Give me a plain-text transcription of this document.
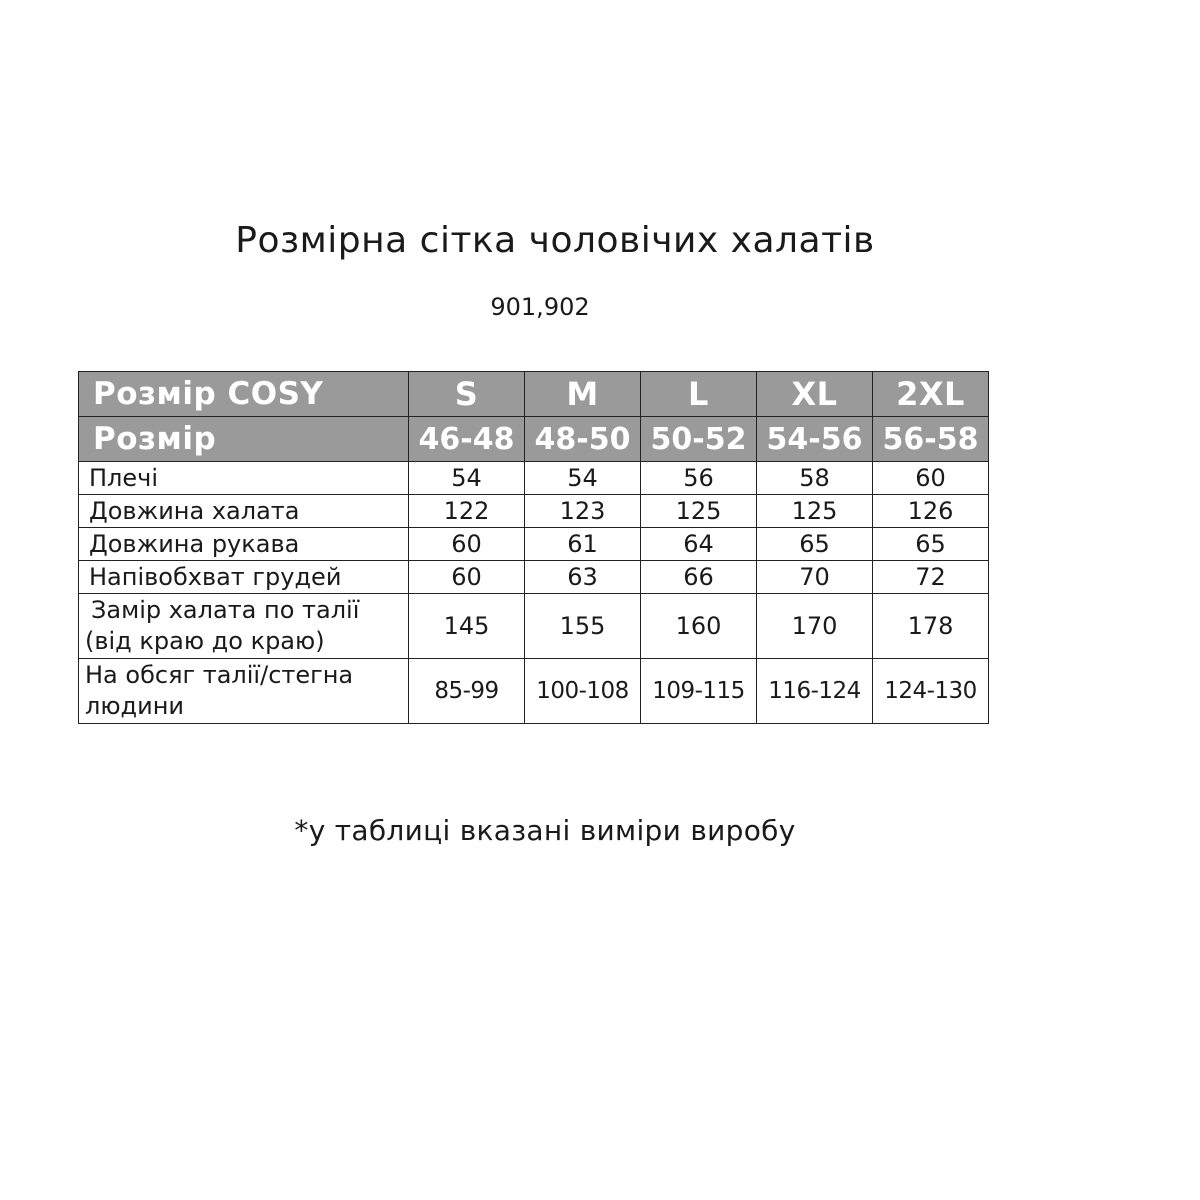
Розмірна сітка чоловічих халатів
901,902
Розмір COSY	S	M	L	XL	2XL
Розмір	46-48	48-50	50-52	54-56	56-58
Плечі	54	54	56	58	60
Довжина халата	122	123	125	125	126
Довжина рукава	60	61	64	65	65
Напівобхват грудей	60	63	66	70	72

Замір халата по талії
(від краю до краю)	145	155	160	170	178

На обсяг талії/стегна
людини	85-99	100-108	109-115	116-124	124-130
*у таблиці вказані виміри виробу
